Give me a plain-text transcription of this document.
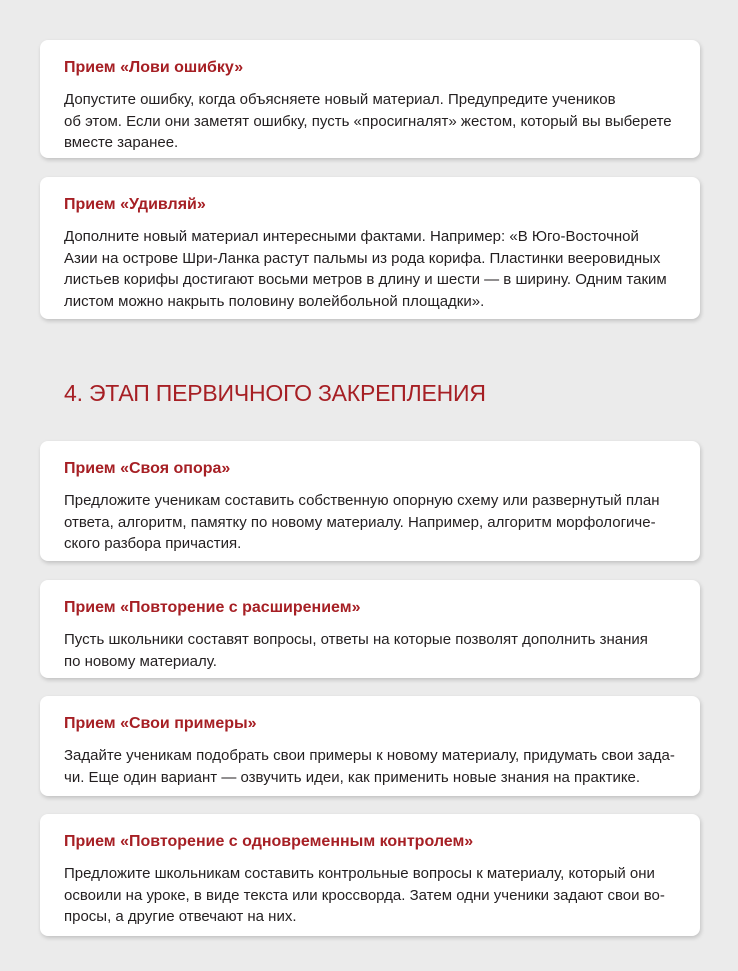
Прием «Лови ошибку»
Допустите ошибку, когда объясняете новый материал. Предупредите учеников
об этом. Если они заметят ошибку, пусть «просигналят» жестом, который вы выберете
вместе заранее.
Прием «Удивляй»
Дополните новый материал интересными фактами. Например: «В Юго-Восточной
Азии на острове Шри-Ланка растут пальмы из рода корифа. Пластинки вееровидных
листьев корифы достигают восьми метров в длину и шести — в ширину. Одним таким
листом можно накрыть половину волейбольной площадки».
4. ЭТАП ПЕРВИЧНОГО ЗАКРЕПЛЕНИЯ
Прием «Своя опора»
Предложите ученикам составить собственную опорную схему или развернутый план
ответа, алгоритм, памятку по новому материалу. Например, алгоритм морфологиче-
ского разбора причастия.
Прием «Повторение с расширением»
Пусть школьники составят вопросы, ответы на которые позволят дополнить знания
по новому материалу.
Прием «Свои примеры»
Задайте ученикам подобрать свои примеры к новому материалу, придумать свои зада-
чи. Еще один вариант — озвучить идеи, как применить новые знания на практике.
Прием «Повторение с одновременным контролем»
Предложите школьникам составить контрольные вопросы к материалу, который они
освоили на уроке, в виде текста или кроссворда. Затем одни ученики задают свои во-
просы, а другие отвечают на них.
